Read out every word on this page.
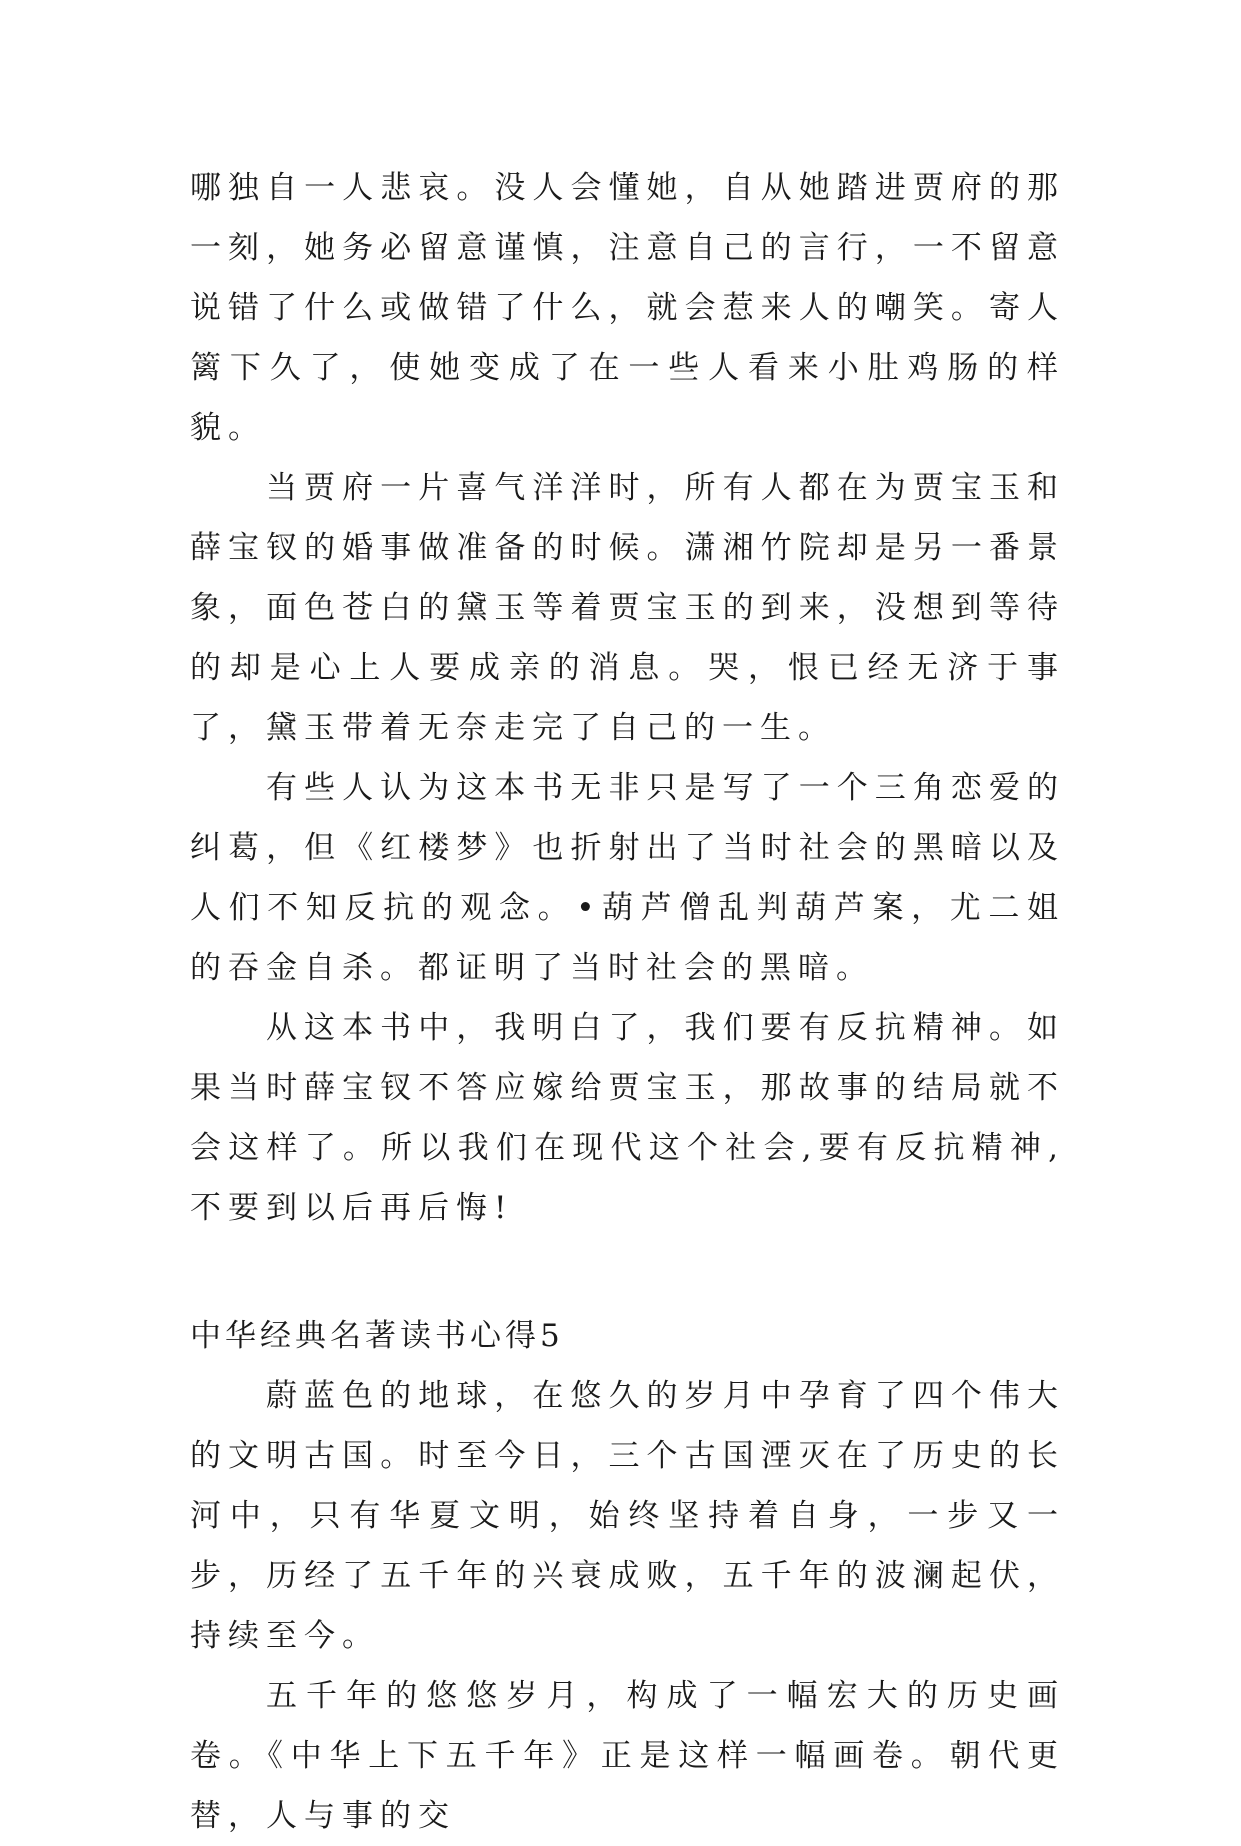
哪独自一人悲哀。没人会懂她，自从她踏进贾府的那一刻，她务必留意谨慎，注意自己的言行，一不留意说错了什么或做错了什么，就会惹来人的嘲笑。寄人篱下久了，使她变成了在一些人看来小肚鸡肠的样貌。

当贾府一片喜气洋洋时，所有人都在为贾宝玉和薛宝钗的婚事做准备的时候。潇湘竹院却是另一番景象，面色苍白的黛玉等着贾宝玉的到来，没想到等待的却是心上人要成亲的消息。哭，恨已经无济于事了，黛玉带着无奈走完了自己的一生。

有些人认为这本书无非只是写了一个三角恋爱的纠葛，但《红楼梦》也折射出了当时社会的黑暗以及人们不知反抗的观念。•葫芦僧乱判葫芦案，尤二姐的吞金自杀。都证明了当时社会的黑暗。

从这本书中，我明白了，我们要有反抗精神。如果当时薛宝钗不答应嫁给贾宝玉，那故事的结局就不会这样了。所以我们在现代这个社会,要有反抗精神,不要到以后再后悔!

中华经典名著读书心得5

蔚蓝色的地球，在悠久的岁月中孕育了四个伟大的文明古国。时至今日，三个古国湮灭在了历史的长河中，只有华夏文明，始终坚持着自身，一步又一步，历经了五千年的兴衰成败，五千年的波澜起伏，持续至今。

五千年的悠悠岁月，构成了一幅宏大的历史画卷。《中华上下五千年》正是这样一幅画卷。朝代更替，人与事的交
